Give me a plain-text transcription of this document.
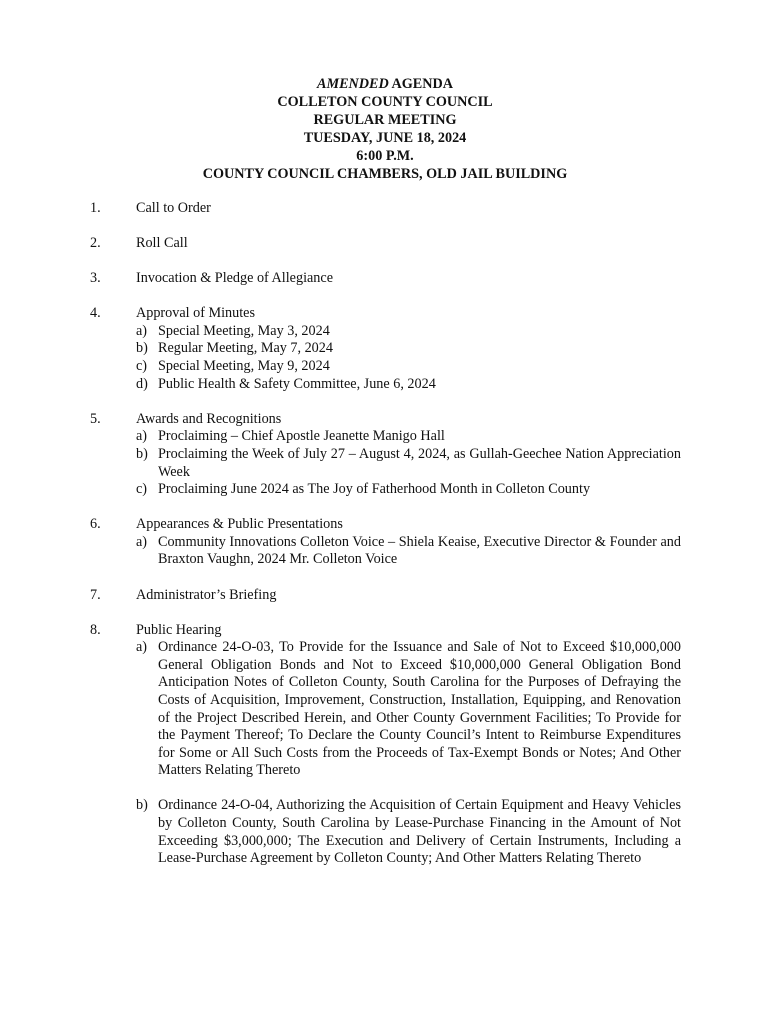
AMENDED AGENDA
COLLETON COUNTY COUNCIL
REGULAR MEETING
TUESDAY, JUNE 18, 2024
6:00 P.M.
COUNTY COUNCIL CHAMBERS, OLD JAIL BUILDING
1. Call to Order
2. Roll Call
3. Invocation & Pledge of Allegiance
4. Approval of Minutes
a) Special Meeting, May 3, 2024
b) Regular Meeting, May 7, 2024
c) Special Meeting, May 9, 2024
d) Public Health & Safety Committee, June 6, 2024
5. Awards and Recognitions
a) Proclaiming – Chief Apostle Jeanette Manigo Hall
b) Proclaiming the Week of July 27 – August 4, 2024, as Gullah-Geechee Nation Appreciation Week
c) Proclaiming June 2024 as The Joy of Fatherhood Month in Colleton County
6. Appearances & Public Presentations
a) Community Innovations Colleton Voice – Shiela Keaise, Executive Director & Founder and Braxton Vaughn, 2024 Mr. Colleton Voice
7. Administrator’s Briefing
8. Public Hearing
a) Ordinance 24-O-03, To Provide for the Issuance and Sale of Not to Exceed $10,000,000 General Obligation Bonds and Not to Exceed $10,000,000 General Obligation Bond Anticipation Notes of Colleton County, South Carolina for the Purposes of Defraying the Costs of Acquisition, Improvement, Construction, Installation, Equipping, and Renovation of the Project Described Herein, and Other County Government Facilities; To Provide for the Payment Thereof; To Declare the County Council’s Intent to Reimburse Expenditures for Some or All Such Costs from the Proceeds of Tax-Exempt Bonds or Notes; And Other Matters Relating Thereto
b) Ordinance 24-O-04, Authorizing the Acquisition of Certain Equipment and Heavy Vehicles by Colleton County, South Carolina by Lease-Purchase Financing in the Amount of Not Exceeding $3,000,000; The Execution and Delivery of Certain Instruments, Including a Lease-Purchase Agreement by Colleton County; And Other Matters Relating Thereto
